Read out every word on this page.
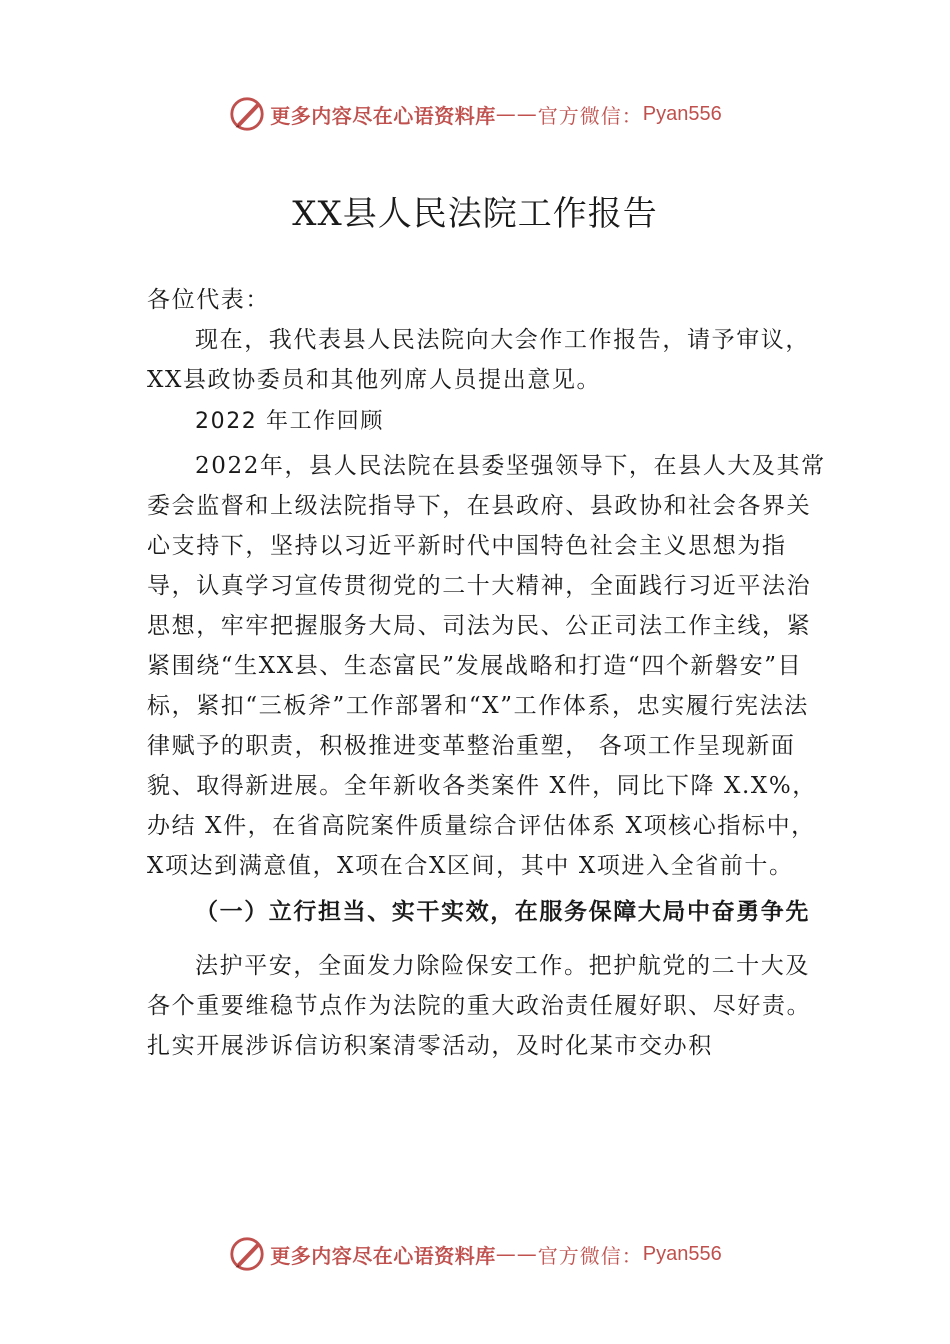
更多内容尽在心语资料库 —— 官方微信： Pyan556
XX县人民法院工作报告

各位代表：

现在，我代表县人民法院向大会作工作报告，请予审议，XX县政协委员和其他列席人员提出意见。

2022 年工作回顾

2022年，县人民法院在县委坚强领导下，在县人大及其常委会监督和上级法院指导下，在县政府、县政协和社会各界关心支持下，坚持以习近平新时代中国特色社会主义思想为指导，认真学习宣传贯彻党的二十大精神，全面践行习近平法治思想，牢牢把握服务大局、司法为民、公正司法工作主线，紧紧围绕“生XX县、生态富民”发展战略和打造“四个新磐安”目标，紧扣“三板斧”工作部署和“X”工作体系，忠实履行宪法法律赋予的职责，积极推进变革整治重塑， 各项工作呈现新面貌、取得新进展。全年新收各类案件 X件，同比下降 X.X%，办结 X件，在省高院案件质量综合评估体系 X项核心指标中，X项达到满意值，X项在合X区间，其中 X项进入全省前十。

（一）立行担当、实干实效，在服务保障大局中奋勇争先

法护平安，全面发力除险保安工作。把护航党的二十大及各个重要维稳节点作为法院的重大政治责任履好职、尽好责。扎实开展涉诉信访积案清零活动，及时化某市交办积

更多内容尽在心语资料库 —— 官方微信： Pyan556
